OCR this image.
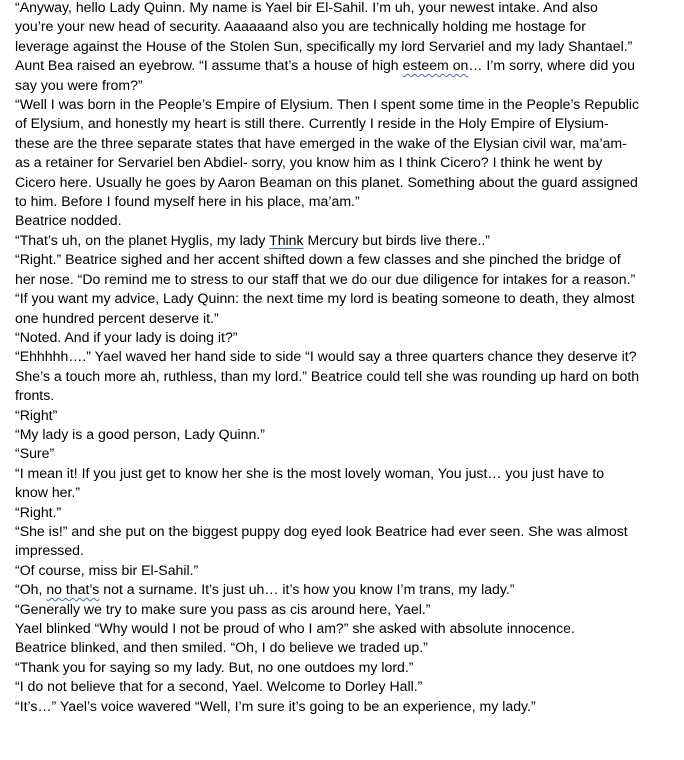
“Anyway, hello Lady Quinn. My name is Yael bir El-Sahil. I’m uh, your newest intake. And also you’re your new head of security. Aaaaaand also you are technically holding me hostage for leverage against the House of the Stolen Sun, specifically my lord Servariel and my lady Shantael.”

Aunt Bea raised an eyebrow. “I assume that’s a house of high esteem on… I’m sorry, where did you say you were from?”

“Well I was born in the People’s Empire of Elysium. Then I spent some time in the People’s Republic of Elysium, and honestly my heart is still there. Currently I reside in the Holy Empire of Elysium-these are the three separate states that have emerged in the wake of the Elysian civil war, ma’am- as a retainer for Servariel ben Abdiel- sorry, you know him as I think Cicero? I think he went by Cicero here. Usually he goes by Aaron Beaman on this planet. Something about the guard assigned to him. Before I found myself here in his place, ma’am.”

Beatrice nodded.

“That’s uh, on the planet Hyglis, my lady Think Mercury but birds live there..”

“Right.” Beatrice sighed and her accent shifted down a few classes and she pinched the bridge of her nose. “Do remind me to stress to our staff that we do our due diligence for intakes for a reason.”

“If you want my advice, Lady Quinn: the next time my lord is beating someone to death, they almost one hundred percent deserve it.”

“Noted. And if your lady is doing it?”

“Ehhhhh….” Yael waved her hand side to side “I would say a three quarters chance they deserve it? She’s a touch more ah, ruthless, than my lord.” Beatrice could tell she was rounding up hard on both fronts.

“Right”

“My lady is a good person, Lady Quinn.”

“Sure”

“I mean it! If you just get to know her she is the most lovely woman, You just… you just have to know her.”

“Right.”

“She is!” and she put on the biggest puppy dog eyed look Beatrice had ever seen. She was almost impressed.

“Of course, miss bir El-Sahil.”

“Oh, no that’s not a surname. It’s just uh… it’s how you know I’m trans, my lady.”

“Generally we try to make sure you pass as cis around here, Yael.”

Yael blinked “Why would I not be proud of who I am?” she asked with absolute innocence.

Beatrice blinked, and then smiled. “Oh, I do believe we traded up.”

“Thank you for saying so my lady. But, no one outdoes my lord.”

“I do not believe that for a second, Yael. Welcome to Dorley Hall.”

“It’s…” Yael’s voice wavered “Well, I’m sure it’s going to be an experience, my lady.”
